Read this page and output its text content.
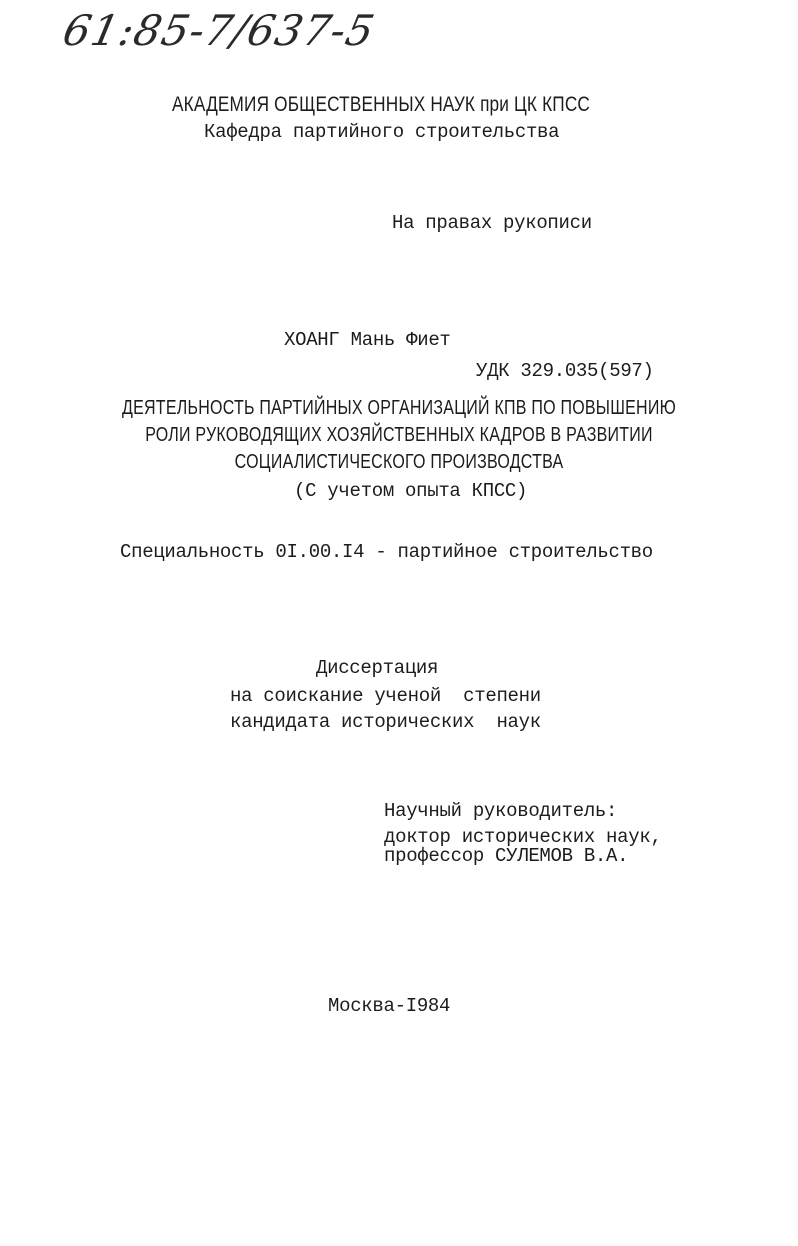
61:85-7/637-5
АКАДЕМИЯ ОБЩЕСТВЕННЫХ НАУК при ЦК КПСС
Кафедра партийного строительства
На правах рукописи
ХОАНГ Мань Фиет
УДК 329.035(597)
ДЕЯТЕЛЬНОСТЬ ПАРТИЙНЫХ ОРГАНИЗАЦИЙ КПВ ПО ПОВЫШЕНИЮ
РОЛИ РУКОВОДЯЩИХ ХОЗЯЙСТВЕННЫХ КАДРОВ В РАЗВИТИИ
СОЦИАЛИСТИЧЕСКОГО ПРОИЗВОДСТВА
(С учетом опыта КПСС)
Специальность 0I.00.I4 - партийное строительство
Диссертация
на соискание ученой  степени
кандидата исторических  наук
Научный руководитель:
доктор исторических наук,
профессор СУЛЕМОВ В.А.
Москва-I984
